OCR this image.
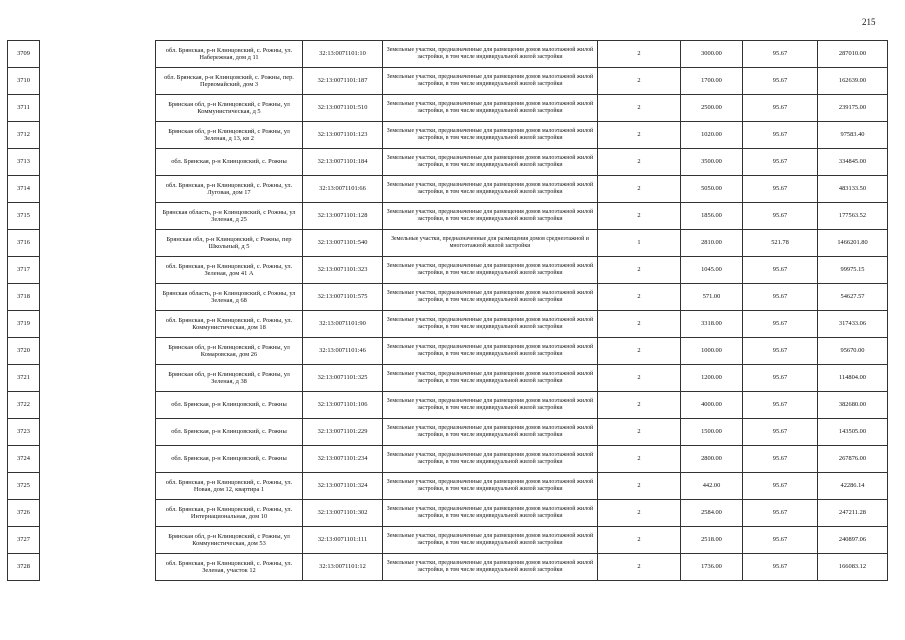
215
3709		обл. Брянская, р-н Клинцовский, с. Рожны, ул. Набережная, дом д 11	32:13:0071101:10	Земельные участки, предназначенные для размещения домов малоэтажной жилой застройки, в том числе индивидуальной жилой застройки	2	3000.00	95.67	287010.00
3710		обл. Брянская, р-н Клинцовский, с. Рожны, пер. Первомайский, дом 3	32:13:0071101:187	Земельные участки, предназначенные для размещения домов малоэтажной жилой застройки, в том числе индивидуальной жилой застройки	2	1700.00	95.67	162639.00
3711		Брянская обл, р-н Клинцовский, с Рожны, ул Коммунистическая, д 5	32:13:0071101:510	Земельные участки, предназначенные для размещения домов малоэтажной жилой застройки, в том числе индивидуальной жилой застройки	2	2500.00	95.67	239175.00
3712		Брянская обл, р-н Клинцовский, с Рожны, ул Зеленая, д 13, кв 2	32:13:0071101:123	Земельные участки, предназначенные для размещения домов малоэтажной жилой застройки, в том числе индивидуальной жилой застройки	2	1020.00	95.67	97583.40
3713		обл. Брянская, р-н Клинцовский, с. Рожны	32:13:0071101:184	Земельные участки, предназначенные для размещения домов малоэтажной жилой застройки, в том числе индивидуальной жилой застройки	2	3500.00	95.67	334845.00
3714		обл. Брянская, р-н Клинцовский, с. Рожны, ул. Луговая, дом 17	32:13:0071101:66	Земельные участки, предназначенные для размещения домов малоэтажной жилой застройки, в том числе индивидуальной жилой застройки	2	5050.00	95.67	483133.50
3715		Брянская область, р-н Клинцовский, с Рожны, ул Зеленая, д 25	32:13:0071101:128	Земельные участки, предназначенные для размещения домов малоэтажной жилой застройки, в том числе индивидуальной жилой застройки	2	1856.00	95.67	177563.52
3716		Брянская обл, р-н Клинцовский, с Рожны, пер Школьный, д 5	32:13:0071101:540	Земельные участки, предназначенные для размещения домов среднеэтажной и многоэтажной жилой застройки	1	2810.00	521.78	1466201.80
3717		обл. Брянская, р-н Клинцовский, с. Рожны, ул. Зеленая, дом 41 А	32:13:0071101:323	Земельные участки, предназначенные для размещения домов малоэтажной жилой застройки, в том числе индивидуальной жилой застройки	2	1045.00	95.67	99975.15
3718		Брянская область, р-н Клинцовский, с Рожны, ул Зеленая, д 68	32:13:0071101:575	Земельные участки, предназначенные для размещения домов малоэтажной жилой застройки, в том числе индивидуальной жилой застройки	2	571.00	95.67	54627.57
3719		обл. Брянская, р-н Клинцовский, с. Рожны, ул. Коммунистическая, дом 18	32:13:0071101:90	Земельные участки, предназначенные для размещения домов малоэтажной жилой застройки, в том числе индивидуальной жилой застройки	2	3318.00	95.67	317433.06
3720		Брянская обл, р-н Клинцовский, с Рожны, ул Комаровская, дом 26	32:13:0071101:46	Земельные участки, предназначенные для размещения домов малоэтажной жилой застройки, в том числе индивидуальной жилой застройки	2	1000.00	95.67	95670.00
3721		Брянская обл, р-н Клинцовский, с Рожны, ул Зеленая, д 38	32:13:0071101:325	Земельные участки, предназначенные для размещения домов малоэтажной жилой застройки, в том числе индивидуальной жилой застройки	2	1200.00	95.67	114804.00
3722		обл. Брянская, р-н Клинцовский, с. Рожны	32:13:0071101:106	Земельные участки, предназначенные для размещения домов малоэтажной жилой застройки, в том числе индивидуальной жилой застройки	2	4000.00	95.67	382680.00
3723		обл. Брянская, р-н Клинцовский, с. Рожны	32:13:0071101:229	Земельные участки, предназначенные для размещения домов малоэтажной жилой застройки, в том числе индивидуальной жилой застройки	2	1500.00	95.67	143505.00
3724		обл. Брянская, р-н Клинцовский, с. Рожны	32:13:0071101:234	Земельные участки, предназначенные для размещения домов малоэтажной жилой застройки, в том числе индивидуальной жилой застройки	2	2800.00	95.67	267876.00
3725		обл. Брянская, р-н Клинцовский, с. Рожны, ул. Новая, дом 12, квартира 1	32:13:0071101:324	Земельные участки, предназначенные для размещения домов малоэтажной жилой застройки, в том числе индивидуальной жилой застройки	2	442.00	95.67	42286.14
3726		обл. Брянская, р-н Клинцовский, с. Рожны, ул. Интернациональная, дом 10	32:13:0071101:302	Земельные участки, предназначенные для размещения домов малоэтажной жилой застройки, в том числе индивидуальной жилой застройки	2	2584.00	95.67	247211.28
3727		Брянская обл, р-н Клинцовский, с Рожны, ул Коммунистическая, дом 53	32:13:0071101:111	Земельные участки, предназначенные для размещения домов малоэтажной жилой застройки, в том числе индивидуальной жилой застройки	2	2518.00	95.67	240897.06
3728		обл. Брянская, р-н Клинцовский, с. Рожны, ул. Зеленая, участок 12	32:13:0071101:12	Земельные участки, предназначенные для размещения домов малоэтажной жилой застройки, в том числе индивидуальной жилой застройки	2	1736.00	95.67	166083.12
